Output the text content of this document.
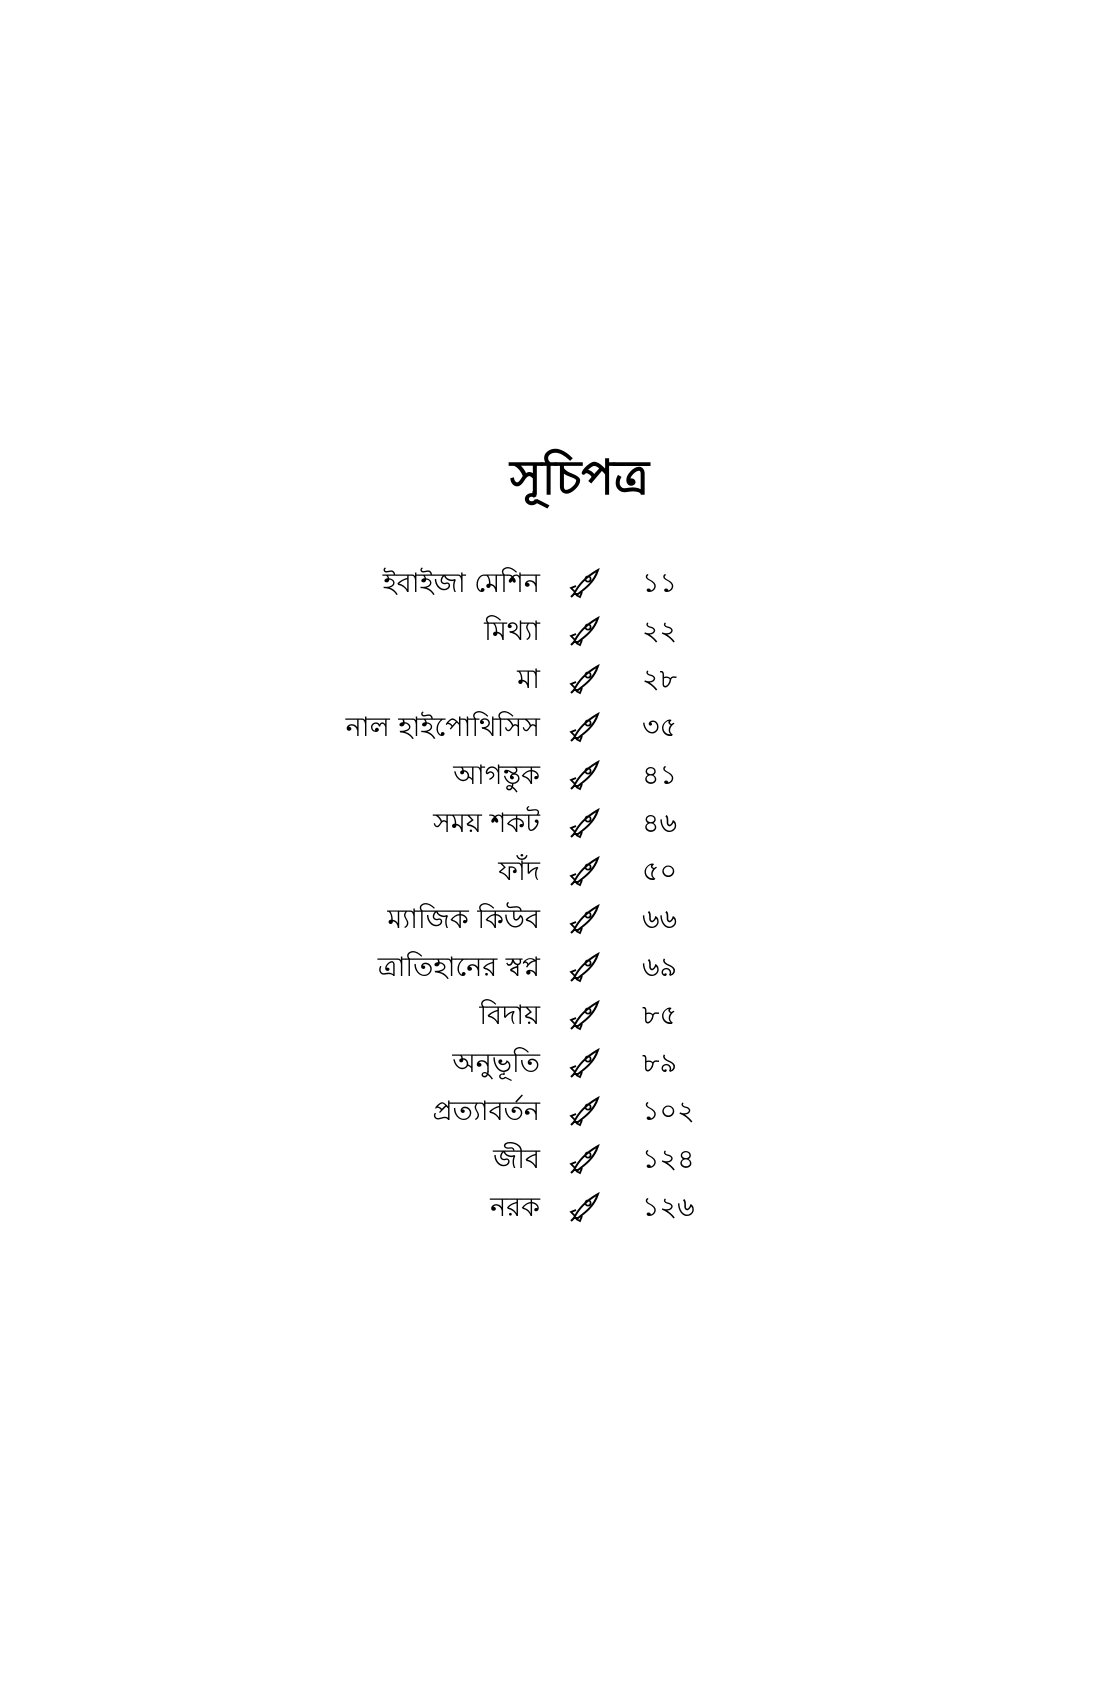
সূচিপত্র
ইবাইজা মেশিন	১১
মিথ্যা	২২
মা	২৮
নাল হাইপোথিসিস	৩৫
আগন্তুক	৪১
সময় শকট	৪৬
ফাঁদ	৫০
ম্যাজিক কিউব	৬৬
ত্রাতিহানের স্বপ্ন	৬৯
বিদায়	৮৫
অনুভূতি	৮৯
প্রত্যাবর্তন	১০২
জীব	১২৪
নরক	১২৬
